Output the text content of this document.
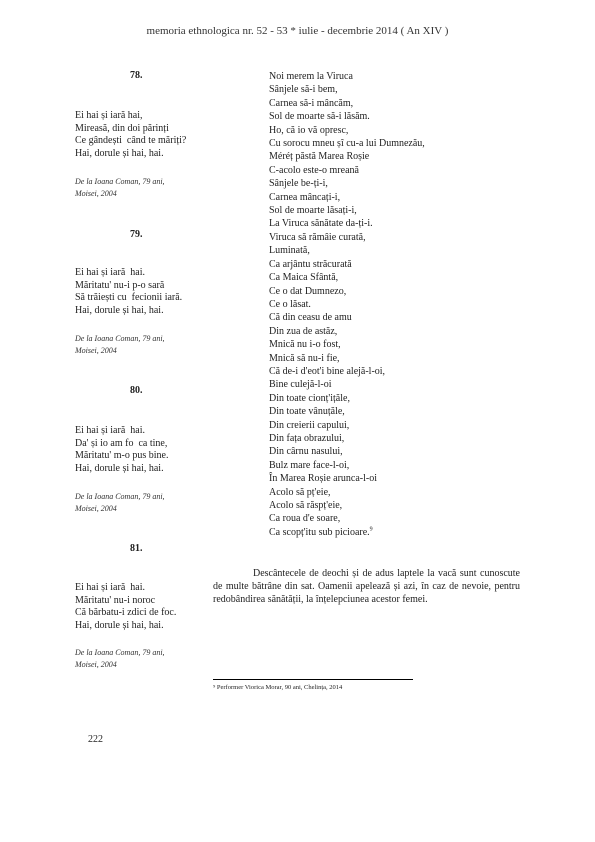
memoria ethnologica nr. 52 - 53 * iulie - decembrie 2014 ( An XIV )
78.
Ei hai și iară hai,
Mireasă, din doi părinți
Ce gândești  când te măriți?
Hai, dorule și hai, hai.
De la Ioana Coman, 79 ani,
Moisei, 2004
79.
Ei hai și iară  hai.
Măritatu' nu-i p-o sară
Să trăiești cu  fecionii iară.
Hai, dorule și hai, hai.
De la Ioana Coman, 79 ani,
Moisei, 2004
80.
Ei hai și iară  hai.
Da' și io am fo  ca tine,
Măritatu' m-o pus bine.
Hai, dorule și hai, hai.
De la Ioana Coman, 79 ani,
Moisei, 2004
81.
Ei hai și iară  hai.
Măritatu' nu-i noroc
Că bărbatu-i zdici de foc.
Hai, dorule și hai, hai.
De la Ioana Coman, 79 ani,
Moisei, 2004
Noi merem la Viruca
Sânjele să-i bem,
Carnea să-i mâncăm,
Sol de moarte să-i lăsăm.
Ho, că io vă opresc,
Cu sorocu mneu șî cu-a lui Dumnezău,
Méréț păstă Marea Roșie
C-acolo este-o mreană
Sânjele be-ți-i,
Carnea mâncați-i,
Sol de moarte lăsați-i,
La Viruca sănătate da-ți-i.
Viruca să rămâie curată,
Luminată,
Ca arjântu străcurată
Ca Maica Sfântă,
Ce o dat Dumnezo,
Ce o lăsat.
Că din ceasu de amu
Din zua de astăz,
Mnică nu i-o fost,
Mnică să nu-i fie,
Că de-i d'eot'i bine alejă-l-oi,
Bine culejă-l-oi
Din toate cionț'ițăle,
Din toate vânuțăle,
Din creierii capului,
Din fața obrazului,
Din cârnu nasului,
Bulz mare face-l-oi,
În Marea Roșie arunca-l-oi
Acolo să pț'eie,
Acolo să răspț'eie,
Ca roua d'e soare,
Ca scopț'itu sub picioare.$^9$
Descântecele de deochi și de adus laptele la vacă sunt cunoscute de multe bătrâne din sat. Oamenii apelează și azi, în caz de nevoie, pentru redobândirea sănătății, la înțelepciunea acestor femei.
⁹ Performer Viorica Morar, 90 ani, Chelința, 2014
222
